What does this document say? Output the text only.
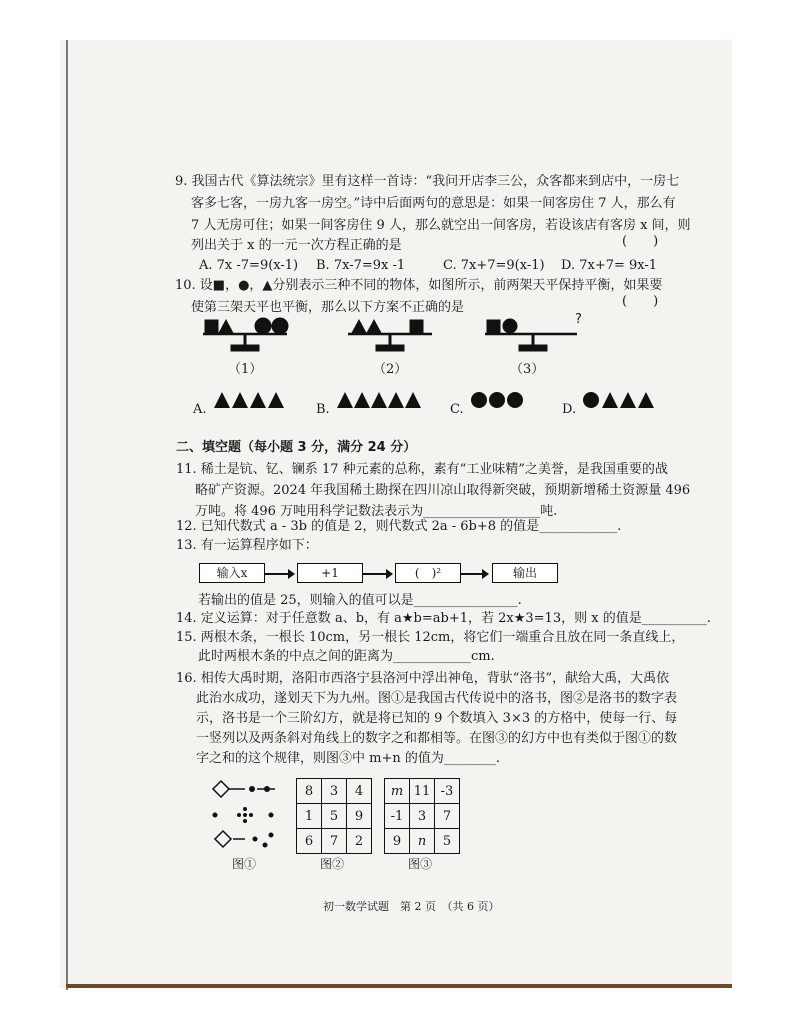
9. 我国古代《算法统宗》里有这样一首诗：“我问开店李三公，众客都来到店中，一房七
客多七客，一房九客一房空。”诗中后面两句的意思是：如果一间客房住 7 人，那么有
7 人无房可住；如果一间客房住 9 人，那么就空出一间客房，若设该店有客房 x 间，则
列出关于 x 的一元一次方程正确的是	(　　)
A. 7x -7=9(x-1) B. 7x-7=9x -1	C. 7x+7=9(x-1) D. 7x+7= 9x-1
10. 设■，●，▲分别表示三种不同的物体，如图所示，前两架天平保持平衡，如果要
使第三架天平也平衡，那么以下方案不正确的是	(　　)
?
（1）	（2）	（3）
A.	B.	C.	D.
二、填空题（每小题 3 分，满分 24 分）
11. 稀土是钪、钇、镧系 17 种元素的总称，素有“工业味精”之美誉，是我国重要的战
略矿产资源。2024 年我国稀土勘探在四川凉山取得新突破，预期新增稀土资源量 496
万吨。将 496 万吨用科学记数法表示为__________________吨.
12. 已知代数式 a - 3b 的值是 2，则代数式 2a - 6b+8 的值是____________.
13. 有一运算程序如下：
输入x	+1	(　)²	输出
若输出的值是 25，则输入的值可以是________________.
14. 定义运算：对于任意数 a、b，有 a★b=ab+1，若 2x★3=13，则 x 的值是__________.
15. 两根木条，一根长 10cm，另一根长 12cm，将它们一端重合且放在同一条直线上，
此时两根木条的中点之间的距离为____________cm.
16. 相传大禹时期，洛阳市西洛宁县洛河中浮出神龟，背驮“洛书”，献给大禹，大禹依
此治水成功，遂划天下为九州。图①是我国古代传说中的洛书，图②是洛书的数字表
示，洛书是一个三阶幻方，就是将已知的 9 个数填入 3×3 的方格中，使每一行、每
一竖列以及两条斜对角线上的数字之和都相等。在图③的幻方中也有类似于图①的数
字之和的这个规律，则图③中 m+n 的值为________.
图①
8	3	4
1	5	9
6	7	2
图②
m	11	-3
-1	3	7
9	n	5
图③
初一数学试题　第 2 页　（共 6 页）
